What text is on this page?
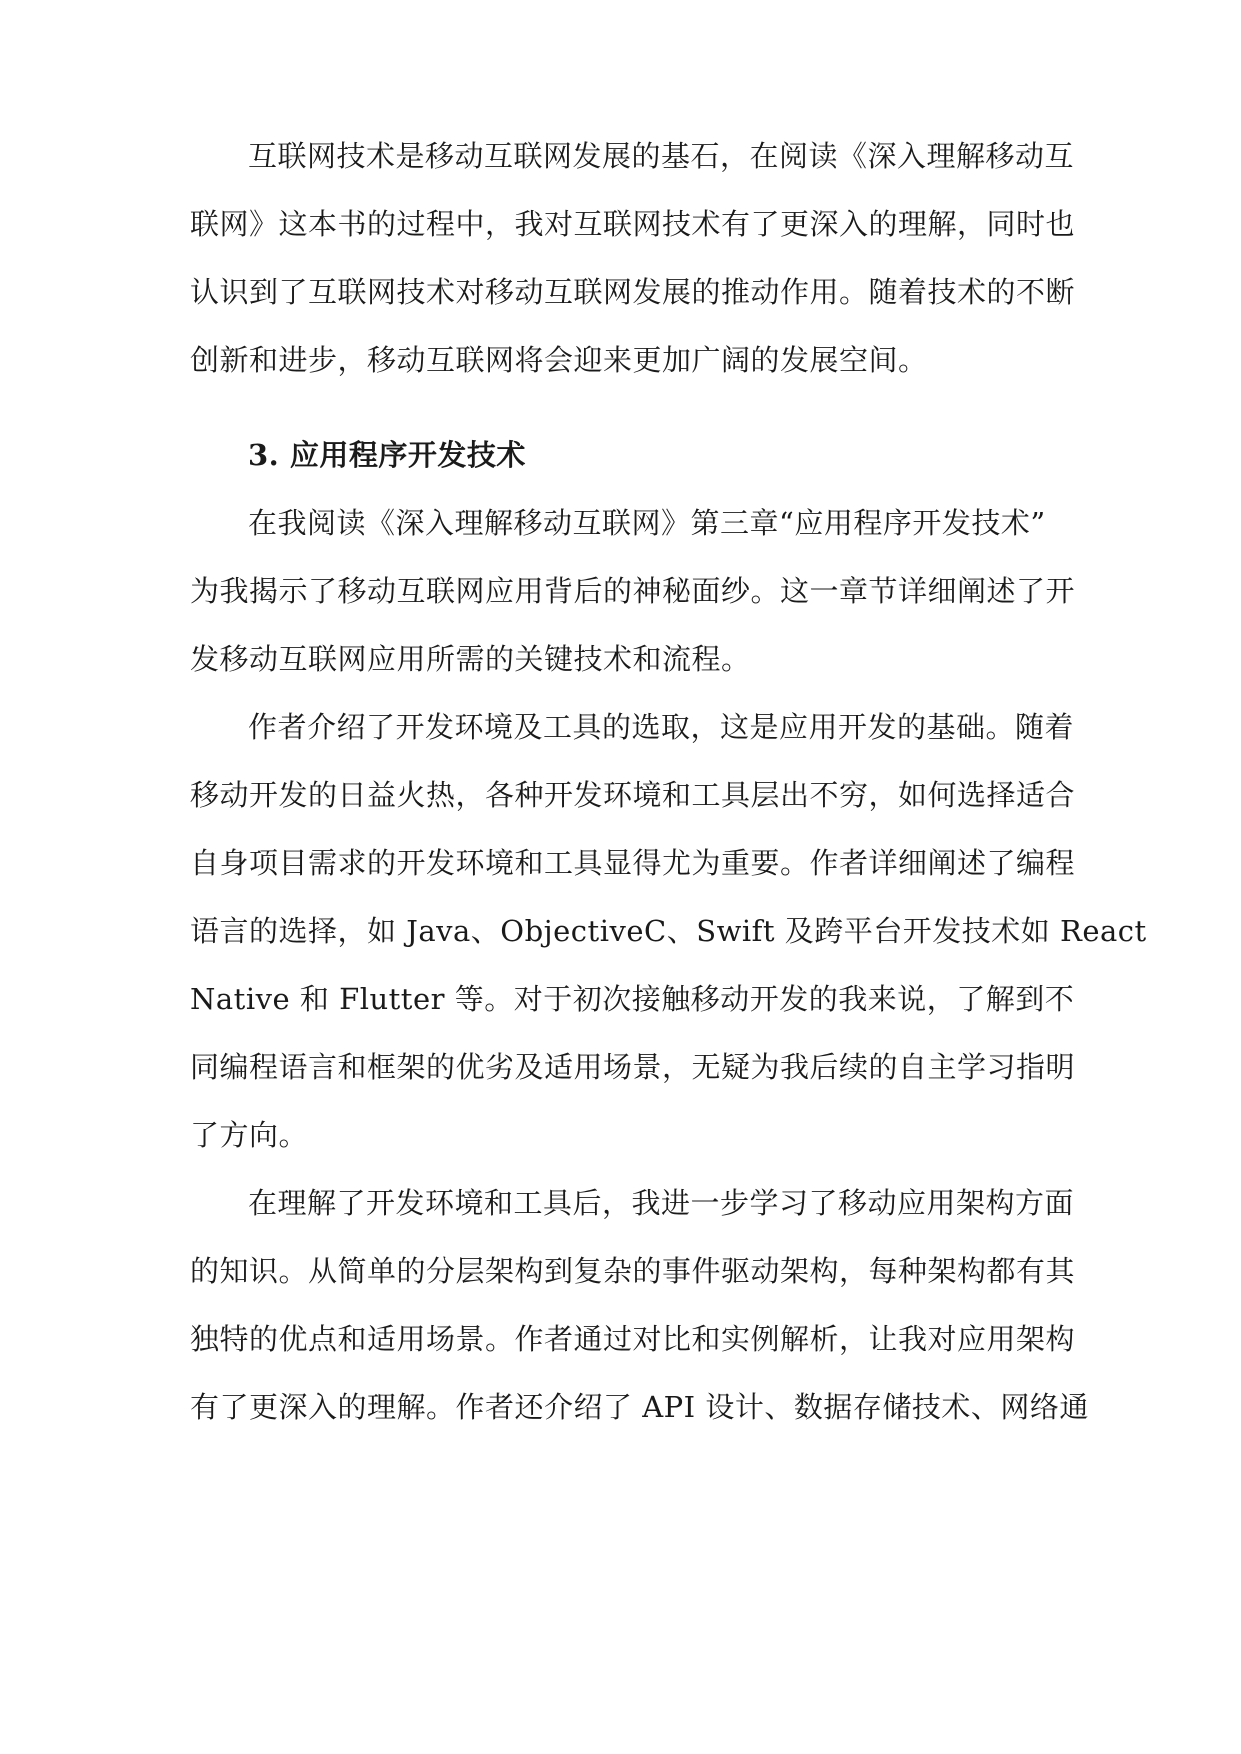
互联网技术是移动互联网发展的基石，在阅读《深入理解移动互
联网》这本书的过程中，我对互联网技术有了更深入的理解，同时也
认识到了互联网技术对移动互联网发展的推动作用。随着技术的不断
创新和进步，移动互联网将会迎来更加广阔的发展空间。
3. 应用程序开发技术
在我阅读《深入理解移动互联网》第三章“应用程序开发技术”
为我揭示了移动互联网应用背后的神秘面纱。这一章节详细阐述了开
发移动互联网应用所需的关键技术和流程。
作者介绍了开发环境及工具的选取，这是应用开发的基础。随着
移动开发的日益火热，各种开发环境和工具层出不穷，如何选择适合
自身项目需求的开发环境和工具显得尤为重要。作者详细阐述了编程
语言的选择，如 Java、ObjectiveC、Swift 及跨平台开发技术如 React
Native 和 Flutter 等。对于初次接触移动开发的我来说，了解到不
同编程语言和框架的优劣及适用场景，无疑为我后续的自主学习指明
了方向。
在理解了开发环境和工具后，我进一步学习了移动应用架构方面
的知识。从简单的分层架构到复杂的事件驱动架构，每种架构都有其
独特的优点和适用场景。作者通过对比和实例解析，让我对应用架构
有了更深入的理解。作者还介绍了 API 设计、数据存储技术、网络通
